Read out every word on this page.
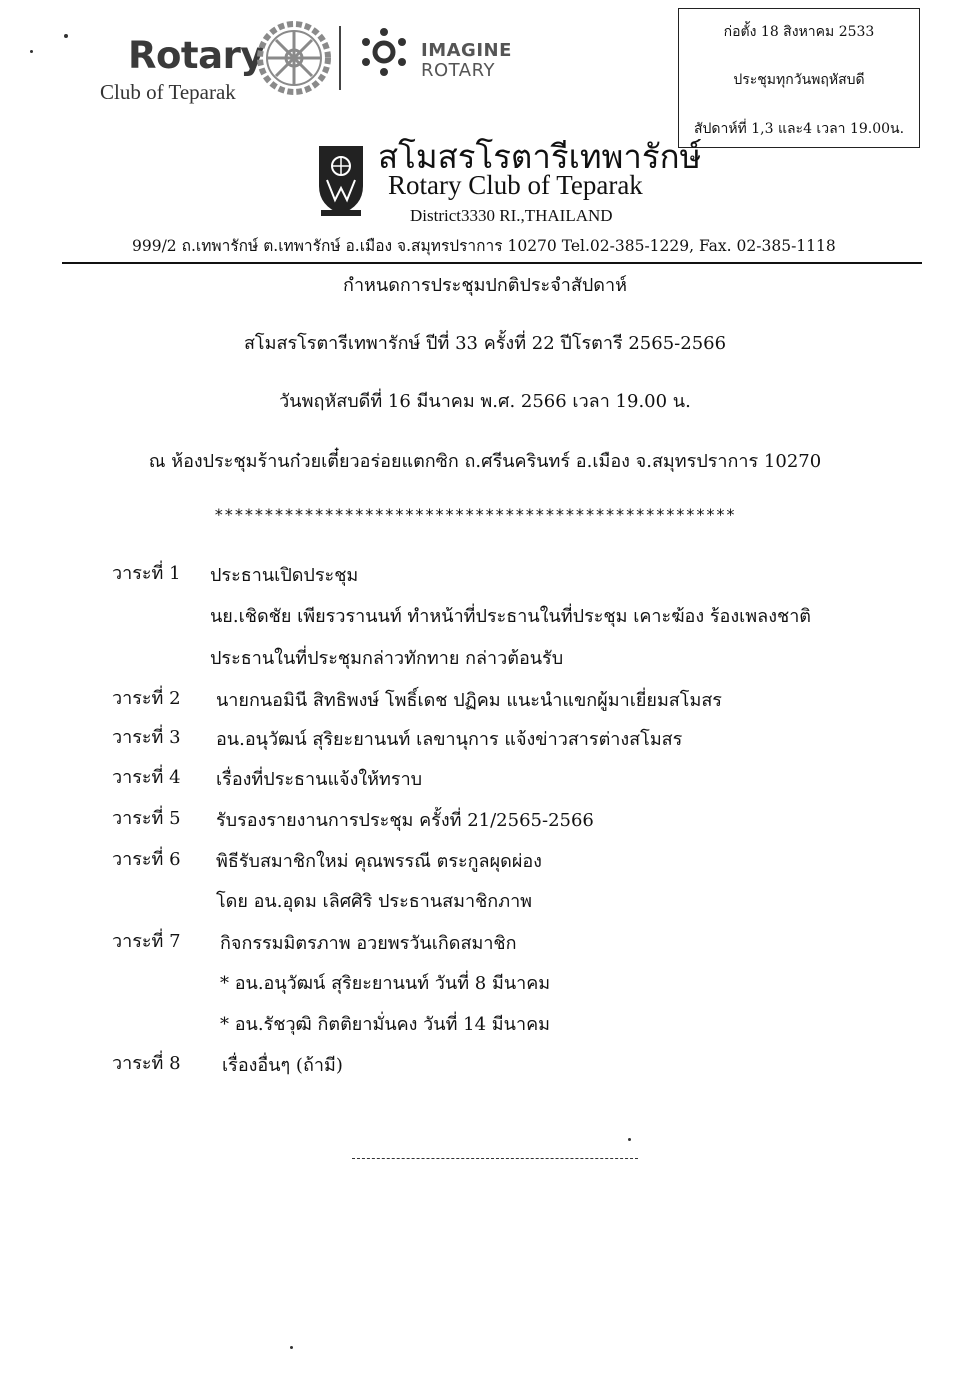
Rotary
Club of Teparak
IMAGINE
ROTARY
ก่อตั้ง 18 สิงหาคม 2533
ประชุมทุกวันพฤหัสบดี
สัปดาห์ที่ 1,3 และ4 เวลา 19.00น.
สโมสรโรตารีเทพารักษ์
Rotary Club of Teparak
District3330 RI.,THAILAND
999/2 ถ.เทพารักษ์ ต.เทพารักษ์ อ.เมือง จ.สมุทรปราการ 10270 Tel.02-385-1229, Fax. 02-385-1118
กำหนดการประชุมปกติประจำสัปดาห์
สโมสรโรตารีเทพารักษ์ ปีที่ 33 ครั้งที่ 22 ปีโรตารี 2565-2566
วันพฤหัสบดีที่ 16 มีนาคม พ.ศ. 2566 เวลา 19.00 น.
ณ ห้องประชุมร้านก๋วยเตี๋ยวอร่อยแตกซิก ถ.ศรีนครินทร์ อ.เมือง จ.สมุทรปราการ 10270
****************************************************
วาระที่ 1 ประธานเปิดประชุม
นย.เชิดชัย เพียรวรานนท์ ทำหน้าที่ประธานในที่ประชุม เคาะฆ้อง ร้องเพลงชาติ
ประธานในที่ประชุมกล่าวทักทาย กล่าวต้อนรับ
วาระที่ 2 นายกนอมินี สิทธิพงษ์ โพธิ์เดช ปฏิคม แนะนำแขกผู้มาเยี่ยมสโมสร
วาระที่ 3 อน.อนุวัฒน์ สุริยะยานนท์ เลขานุการ แจ้งข่าวสารต่างสโมสร
วาระที่ 4 เรื่องที่ประธานแจ้งให้ทราบ
วาระที่ 5 รับรองรายงานการประชุม ครั้งที่ 21/2565-2566
วาระที่ 6 พิธีรับสมาชิกใหม่ คุณพรรณี ตระกูลผุดผ่อง
โดย อน.อุดม เลิศศิริ ประธานสมาชิกภาพ
วาระที่ 7 กิจกรรมมิตรภาพ อวยพรวันเกิดสมาชิก
* อน.อนุวัฒน์ สุริยะยานนท์ วันที่ 8 มีนาคม
* อน.รัชวุฒิ กิตติยามั่นคง วันที่ 14 มีนาคม
วาระที่ 8 เรื่องอื่นๆ (ถ้ามี)
